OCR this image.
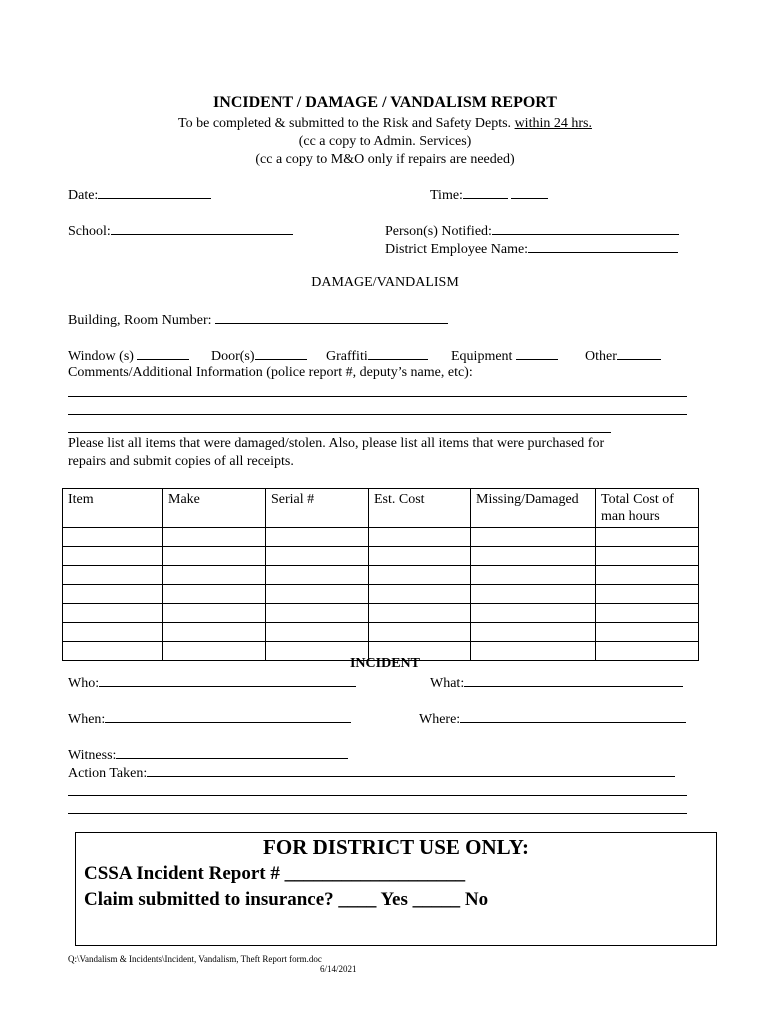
INCIDENT / DAMAGE / VANDALISM REPORT
To be completed & submitted to the Risk and Safety Depts. within 24 hrs.
(cc a copy to Admin. Services)
(cc a copy to M&O only if repairs are needed)
Date:	Time:
School:	Person(s) Notified:
District Employee Name:
DAMAGE/VANDALISM
Building, Room Number:
Window (s)	Door(s)	Graffiti	Equipment	Other
Comments/Additional Information (police report #, deputy’s name, etc):
Please list all items that were damaged/stolen. Also, please list all items that were purchased for
repairs and submit copies of all receipts.
Item	Make	Serial #	Est. Cost	Missing/Damaged	Total Cost of man hours

INCIDENT
Who:	What:
When:	Where:
Witness:
Action Taken:
FOR DISTRICT USE ONLY:
CSSA Incident Report # ___________________
Claim submitted to insurance? ____ Yes _____ No
Q:\Vandalism & Incidents\Incident, Vandalism, Theft Report form.doc
6/14/2021
